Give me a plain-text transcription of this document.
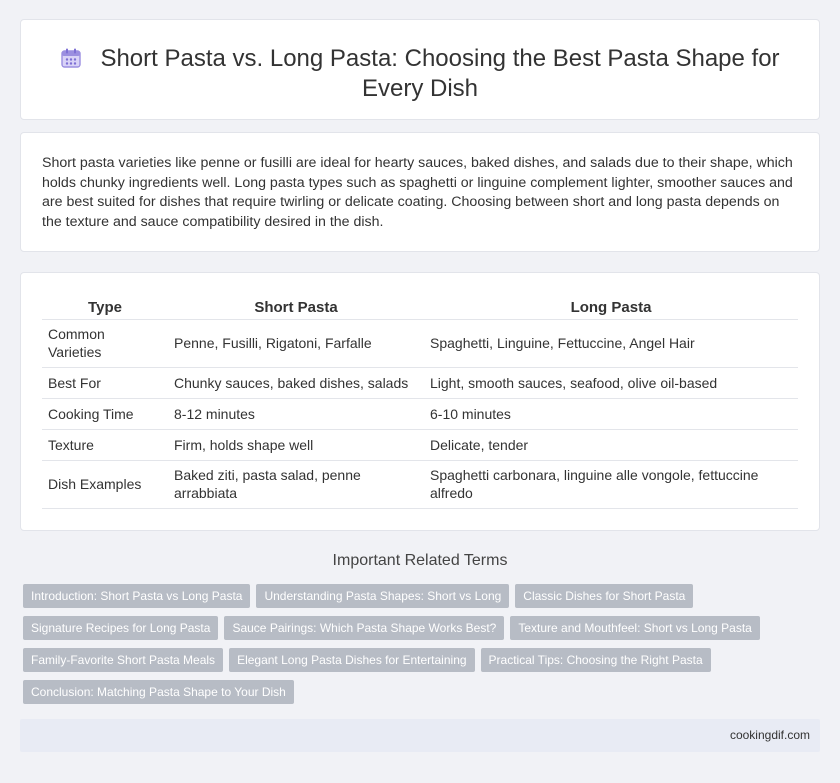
Short Pasta vs. Long Pasta: Choosing the Best Pasta Shape for Every Dish

Short pasta varieties like penne or fusilli are ideal for hearty sauces, baked dishes, and salads due to their shape, which holds chunky ingredients well. Long pasta types such as spaghetti or linguine complement lighter, smoother sauces and are best suited for dishes that require twirling or delicate coating. Choosing between short and long pasta depends on the texture and sauce compatibility desired in the dish.

Type	Short Pasta	Long Pasta
Common Varieties	Penne, Fusilli, Rigatoni, Farfalle	Spaghetti, Linguine, Fettuccine, Angel Hair
Best For	Chunky sauces, baked dishes, salads	Light, smooth sauces, seafood, olive oil-based
Cooking Time	8-12 minutes	6-10 minutes
Texture	Firm, holds shape well	Delicate, tender
Dish Examples	Baked ziti, pasta salad, penne arrabbiata	Spaghetti carbonara, linguine alle vongole, fettuccine alfredo
Important Related Terms
Introduction: Short Pasta vs Long Pasta Understanding Pasta Shapes: Short vs Long Classic Dishes for Short Pasta
Signature Recipes for Long Pasta Sauce Pairings: Which Pasta Shape Works Best? Texture and Mouthfeel: Short vs Long Pasta
Family-Favorite Short Pasta Meals Elegant Long Pasta Dishes for Entertaining Practical Tips: Choosing the Right Pasta
Conclusion: Matching Pasta Shape to Your Dish
cookingdif.com
